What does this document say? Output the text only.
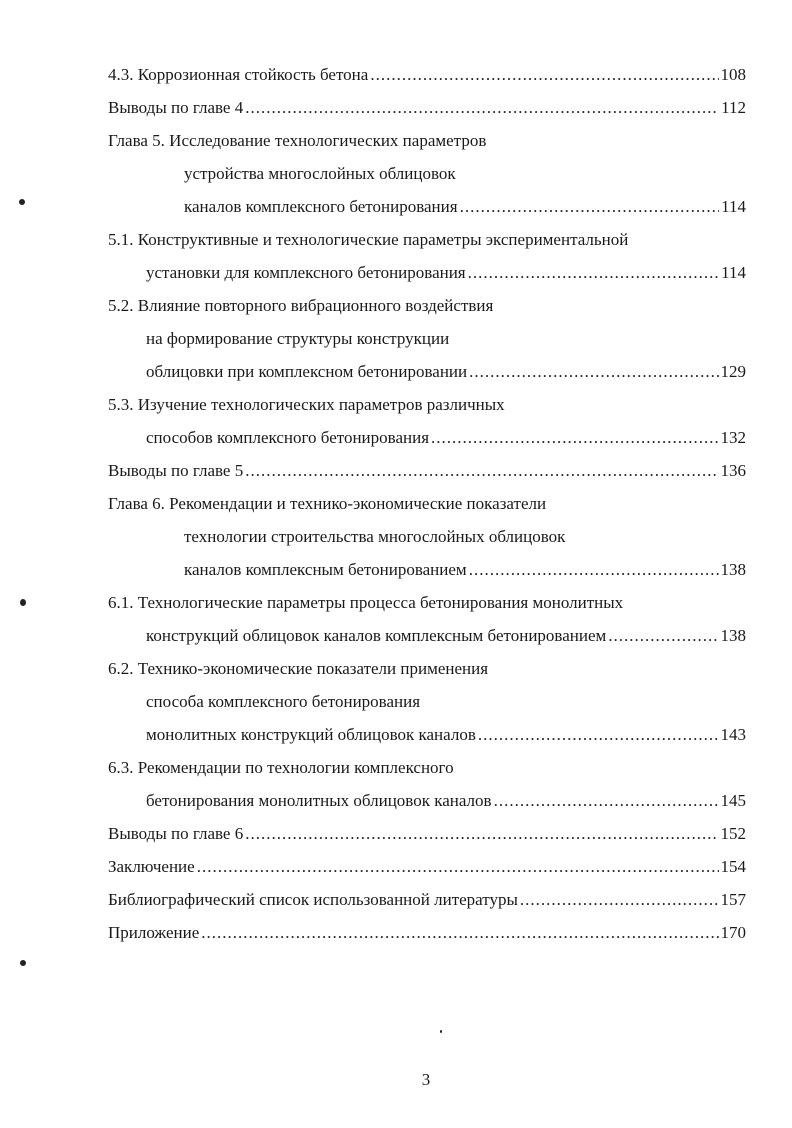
4.3. Коррозионная стойкость бетона .....	108
Выводы по главе 4 .....	112
Глава 5. Исследование технологических параметров
устройства многослойных облицовок
каналов комплексного бетонирования .....	114
5.1. Конструктивные и технологические параметры экспериментальной
установки для комплексного бетонирования .....	114
5.2. Влияние повторного вибрационного воздействия
на формирование структуры конструкции
облицовки при комплексном бетонировании .....	129
5.3. Изучение технологических параметров различных
способов комплексного бетонирования .....	132
Выводы по главе 5 .....	136
Глава 6. Рекомендации и технико-экономические показатели
технологии строительства многослойных облицовок
каналов комплексным бетонированием .....	138
6.1. Технологические параметры процесса бетонирования монолитных
конструкций облицовок каналов комплексным бетонированием .....	138
6.2. Технико-экономические показатели применения
способа комплексного бетонирования
монолитных конструкций облицовок каналов .....	143
6.3. Рекомендации по технологии комплексного
бетонирования монолитных облицовок каналов .....	145
Выводы по главе 6 .....	152
Заключение .....	154
Библиографический список использованной литературы .....	157
Приложение .....	170
3
